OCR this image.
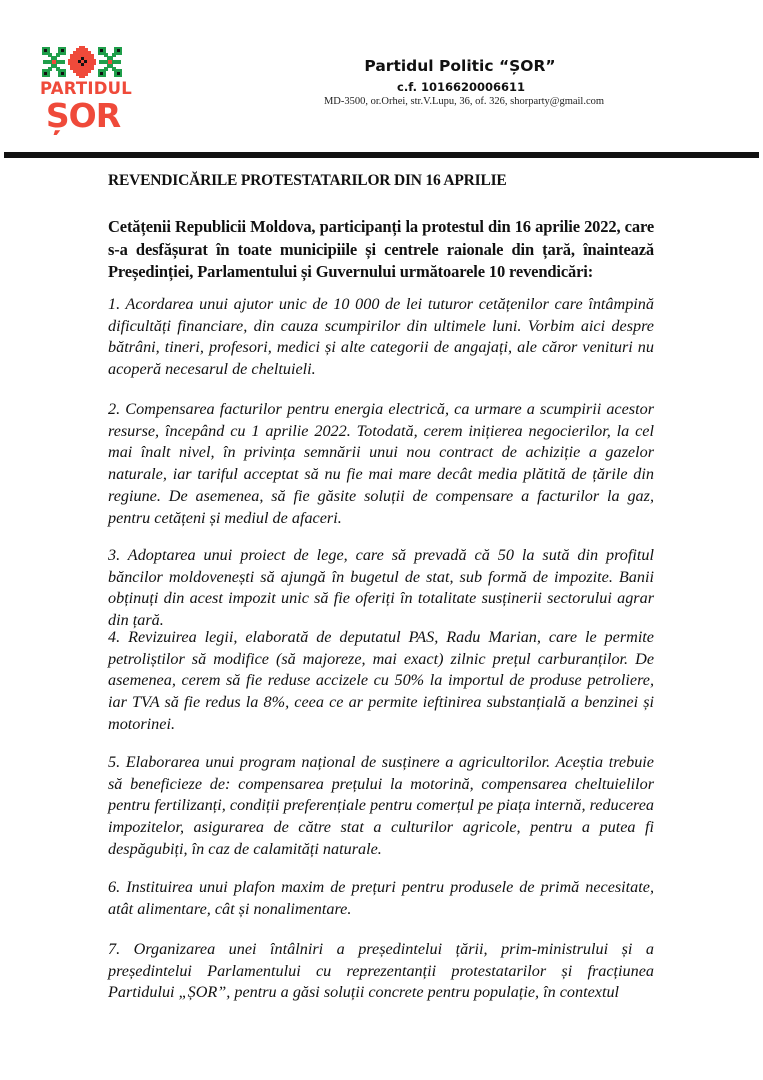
PARTIDUL
ȘOR
Partidul Politic “ȘOR”
c.f. 1016620006611
MD-3500, or.Orhei, str.V.Lupu, 36, of. 326, shorparty@gmail.com
REVENDICĂRILE PROTESTATARILOR DIN 16 APRILIE
Cetățenii Republicii Moldova, participanți la protestul din 16 aprilie 2022, care s-a desfășurat în toate municipiile și centrele raionale din țară, înaintează Președinției, Parlamentului și Guvernului următoarele 10 revendicări:
1. Acordarea unui ajutor unic de 10 000 de lei tuturor cetățenilor care întâmpină dificultăți financiare, din cauza scumpirilor din ultimele luni. Vorbim aici despre bătrâni, tineri, profesori, medici și alte categorii de angajați, ale căror venituri nu acoperă necesarul de cheltuieli.
2. Compensarea facturilor pentru energia electrică, ca urmare a scumpirii acestor resurse, începând cu 1 aprilie 2022. Totodată, cerem inițierea negocierilor, la cel mai înalt nivel, în privința semnării unui nou contract de achiziție a gazelor naturale, iar tariful acceptat să nu fie mai mare decât media plătită de țările din regiune. De asemenea, să fie găsite soluții de compensare a facturilor la gaz, pentru cetățeni și mediul de afaceri.
3. Adoptarea unui proiect de lege, care să prevadă că 50 la sută din profitul băncilor moldovenești să ajungă în bugetul de stat, sub formă de impozite. Banii obținuți din acest impozit unic să fie oferiți în totalitate susținerii sectorului agrar din țară.
4. Revizuirea legii, elaborată de deputatul PAS, Radu Marian, care le permite petroliștilor să modifice (să majoreze, mai exact) zilnic prețul carburanților. De asemenea, cerem să fie reduse accizele cu 50% la importul de produse petroliere, iar TVA să fie redus la 8%, ceea ce ar permite ieftinirea substanțială a benzinei și motorinei.
5. Elaborarea unui program național de susținere a agricultorilor. Aceștia trebuie să beneficieze de: compensarea prețului la motorină, compensarea cheltuielilor pentru fertilizanți, condiții preferențiale pentru comerțul pe piața internă, reducerea impozitelor, asigurarea de către stat a culturilor agricole, pentru a putea fi despăgubiți, în caz de calamități naturale.
6. Instituirea unui plafon maxim de prețuri pentru produsele de primă necesitate, atât alimentare, cât și nonalimentare.
7. Organizarea unei întâlniri a președintelui țării, prim-ministrului și a președintelui Parlamentului cu reprezentanții protestatarilor și fracțiunea Partidului „ȘOR”, pentru a găsi soluții concrete pentru populație, în contextul
